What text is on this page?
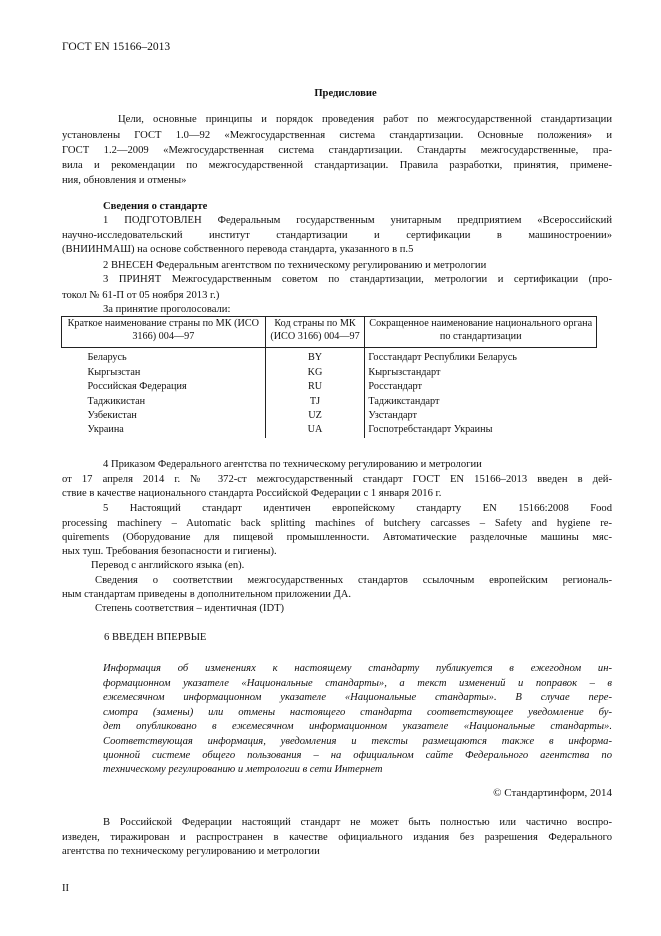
ГОСТ EN 15166–2013
Предисловие
Цели, основные принципы и порядок проведения работ по межгосударственной стандартизации
установлены ГОСТ 1.0—92 «Межгосударственная система стандартизации. Основные положения» и
ГОСТ 1.2—2009 «Межгосударственная система стандартизации. Стандарты межгосударственные, пра-
вила и рекомендации по межгосударственной стандартизации. Правила разработки, принятия, примене-
ния, обновления и отмены»
Сведения о стандарте
1 ПОДГОТОВЛЕН Федеральным государственным унитарным предприятием «Всероссийский
научно-исследовательский институт стандартизации и сертификации в машиностроении»
(ВНИИНМАШ) на основе собственного перевода стандарта, указанного в п.5
2 ВНЕСЕН Федеральным агентством по техническому регулированию и метрологии
3 ПРИНЯТ Межгосударственным советом по стандартизации, метрологии и сертификации (про-
токол № 61-П от 05 ноября 2013 г.)
За принятие проголосовали:
Краткое наименование страны по МК (ИСО 3166) 004—97	Код страны по МК (ИСО 3166) 004—97	Сокращенное наименование национального органа по стандартизации
Беларусь	BY	Госстандарт Республики Беларусь
Кыргызстан	KG	Кыргызстандарт
Российская Федерация	RU	Росстандарт
Таджикистан	TJ	Таджикстандарт
Узбекистан	UZ	Узстандарт
Украина	UA	Госпотребстандарт Украины
4 Приказом Федерального агентства по техническому регулированию и метрологии
от 17 апреля 2014 г. № 372-ст межгосударственный стандарт ГОСТ EN 15166–2013 введен в дей-
ствие в качестве национального стандарта Российской Федерации с 1 января 2016 г.
5 Настоящий стандарт идентичен европейскому стандарту EN 15166:2008 Food
processing machinery – Automatic back splitting machines of butchery carcasses – Safety and hygiene re-
quirements (Оборудование для пищевой промышленности. Автоматические разделочные машины мяс-
ных туш. Требования безопасности и гигиены).
Перевод с английского языка (en).
Сведения о соответствии межгосударственных стандартов ссылочным европейским региональ-
ным стандартам приведены в дополнительном приложении ДА.
Степень соответствия – идентичная (IDT)
6 ВВЕДЕН ВПЕРВЫЕ
Информация об изменениях к настоящему стандарту публикуется в ежегодном ин-
формационном указателе «Национальные стандарты», а текст изменений и поправок – в
ежемесячном информационном указателе «Национальные стандарты». В случае пере-
смотра (замены) или отмены настоящего стандарта соответствующее уведомление бу-
дет опубликовано в ежемесячном информационном указателе «Национальные стандарты».
Соответствующая информация, уведомления и тексты размещаются также в информа-
ционной системе общего пользования – на официальном сайте Федерального агентства по
техническому регулированию и метрологии в сети Интернет
© Стандартинформ, 2014
В Российской Федерации настоящий стандарт не может быть полностью или частично воспро-
изведен, тиражирован и распространен в качестве официального издания без разрешения Федерального
агентства по техническому регулированию и метрологии
II
